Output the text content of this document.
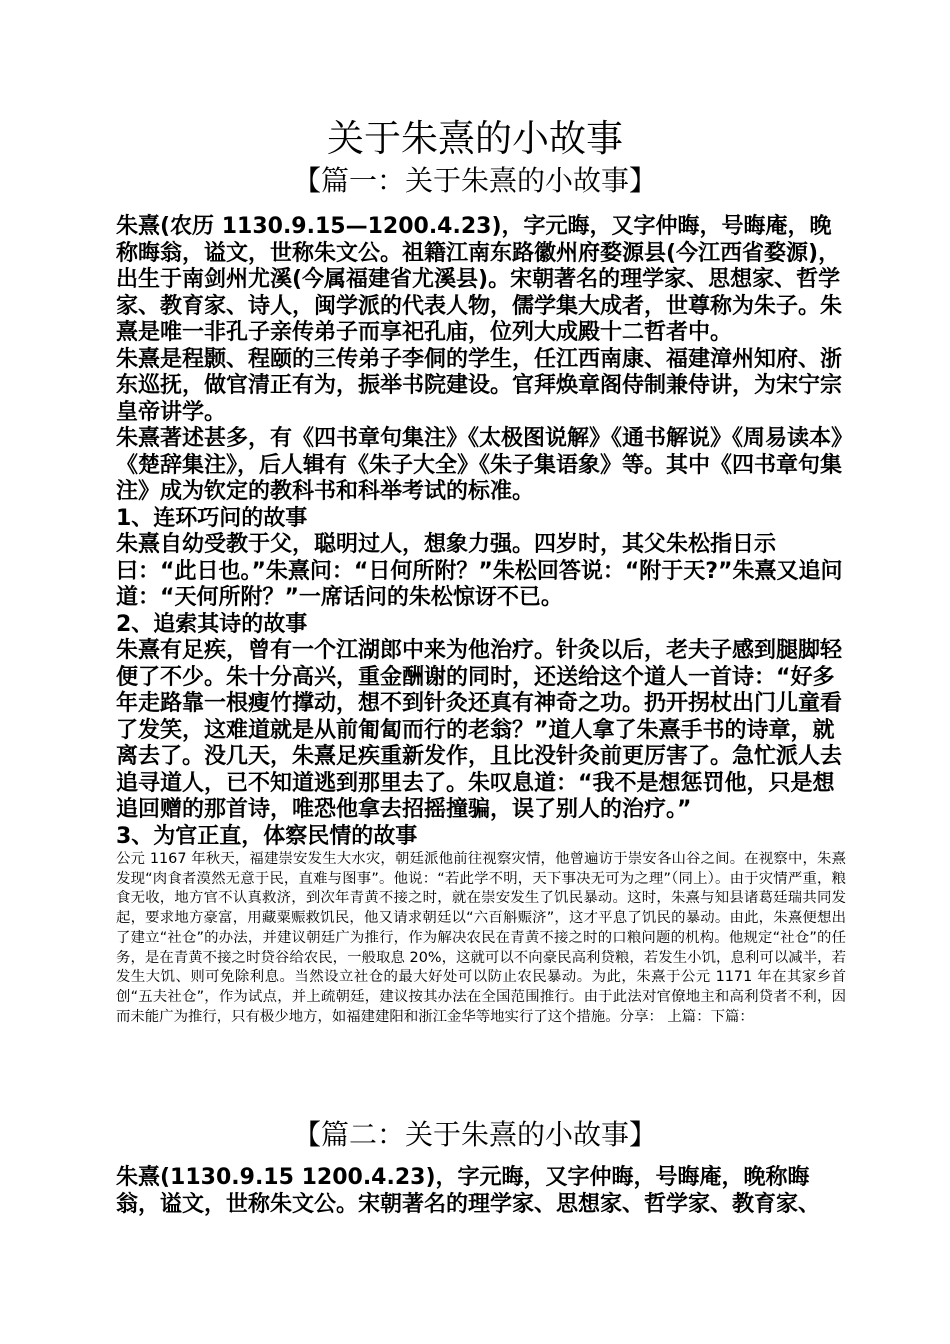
关于朱熹的小故事
【篇一：关于朱熹的小故事】

朱熹(农历 1130.9.15—1200.4.23)，字元晦，又字仲晦，号晦庵，晚称晦翁，谥文，世称朱文公。祖籍江南东路徽州府婺源县(今江西省婺源)，出生于南剑州尤溪(今属福建省尤溪县)。宋朝著名的理学家、思想家、哲学家、教育家、诗人，闽学派的代表人物，儒学集大成者，世尊称为朱子。朱熹是唯一非孔子亲传弟子而享祀孔庙，位列大成殿十二哲者中。

朱熹是程颢、程颐的三传弟子李侗的学生，任江西南康、福建漳州知府、浙东巡抚，做官清正有为，振举书院建设。官拜焕章阁侍制兼侍讲，为宋宁宗皇帝讲学。

朱熹著述甚多，有《四书章句集注》《太极图说解》《通书解说》《周易读本》《楚辞集注》，后人辑有《朱子大全》《朱子集语象》等。其中《四书章句集注》成为钦定的教科书和科举考试的标准。

1、连环巧问的故事

朱熹自幼受教于父，聪明过人，想象力强。四岁时，其父朱松指日示曰：“此日也。”朱熹问：“日何所附？”朱松回答说：“附于天?”朱熹又追问道：“天何所附？”一席话问的朱松惊讶不已。

2、追索其诗的故事

朱熹有足疾，曾有一个江湖郎中来为他治疗。针灸以后，老夫子感到腿脚轻便了不少。朱十分高兴，重金酬谢的同时，还送给这个道人一首诗：“好多年走路靠一根瘦竹撑动，想不到针灸还真有神奇之功。扔开拐杖出门儿童看了发笑，这难道就是从前匍匐而行的老翁？”道人拿了朱熹手书的诗章，就离去了。没几天，朱熹足疾重新发作，且比没针灸前更厉害了。急忙派人去追寻道人，已不知道逃到那里去了。朱叹息道：“我不是想惩罚他，只是想追回赠的那首诗，唯恐他拿去招摇撞骗，误了别人的治疗。”

3、为官正直，体察民情的故事

公元 1167 年秋天，福建崇安发生大水灾，朝廷派他前往视察灾情，他曾遍访于崇安各山谷之间。在视察中，朱熹发现“肉食者漠然无意于民，直难与图事”。他说：“若此学不明，天下事决无可为之理”（同上）。由于灾情严重，粮食无收，地方官不认真救济，到次年青黄不接之时，就在崇安发生了饥民暴动。这时，朱熹与知县诸葛廷瑞共同发起，要求地方豪富，用藏粟赈救饥民，他又请求朝廷以“六百斛赈济”，这才平息了饥民的暴动。由此，朱熹便想出了建立“社仓”的办法，并建议朝廷广为推行，作为解决农民在青黄不接之时的口粮问题的机构。他规定“社仓”的任务，是在青黄不接之时贷谷给农民，一般取息 20%，这就可以不向豪民高利贷粮，若发生小饥，息利可以减半，若发生大饥、则可免除利息。当然设立社仓的最大好处可以防止农民暴动。为此，朱熹于公元 1171 年在其家乡首创“五夫社仓”，作为试点，并上疏朝廷，建议按其办法在全国范围推行。由于此法对官僚地主和高利贷者不利，因而未能广为推行，只有极少地方，如福建建阳和浙江金华等地实行了这个措施。分享： 上篇：下篇：

【篇二：关于朱熹的小故事】

朱熹(1130.9.15 1200.4.23)，字元晦，又字仲晦，号晦庵，晚称晦翁，谥文，世称朱文公。宋朝著名的理学家、思想家、哲学家、教育家、
